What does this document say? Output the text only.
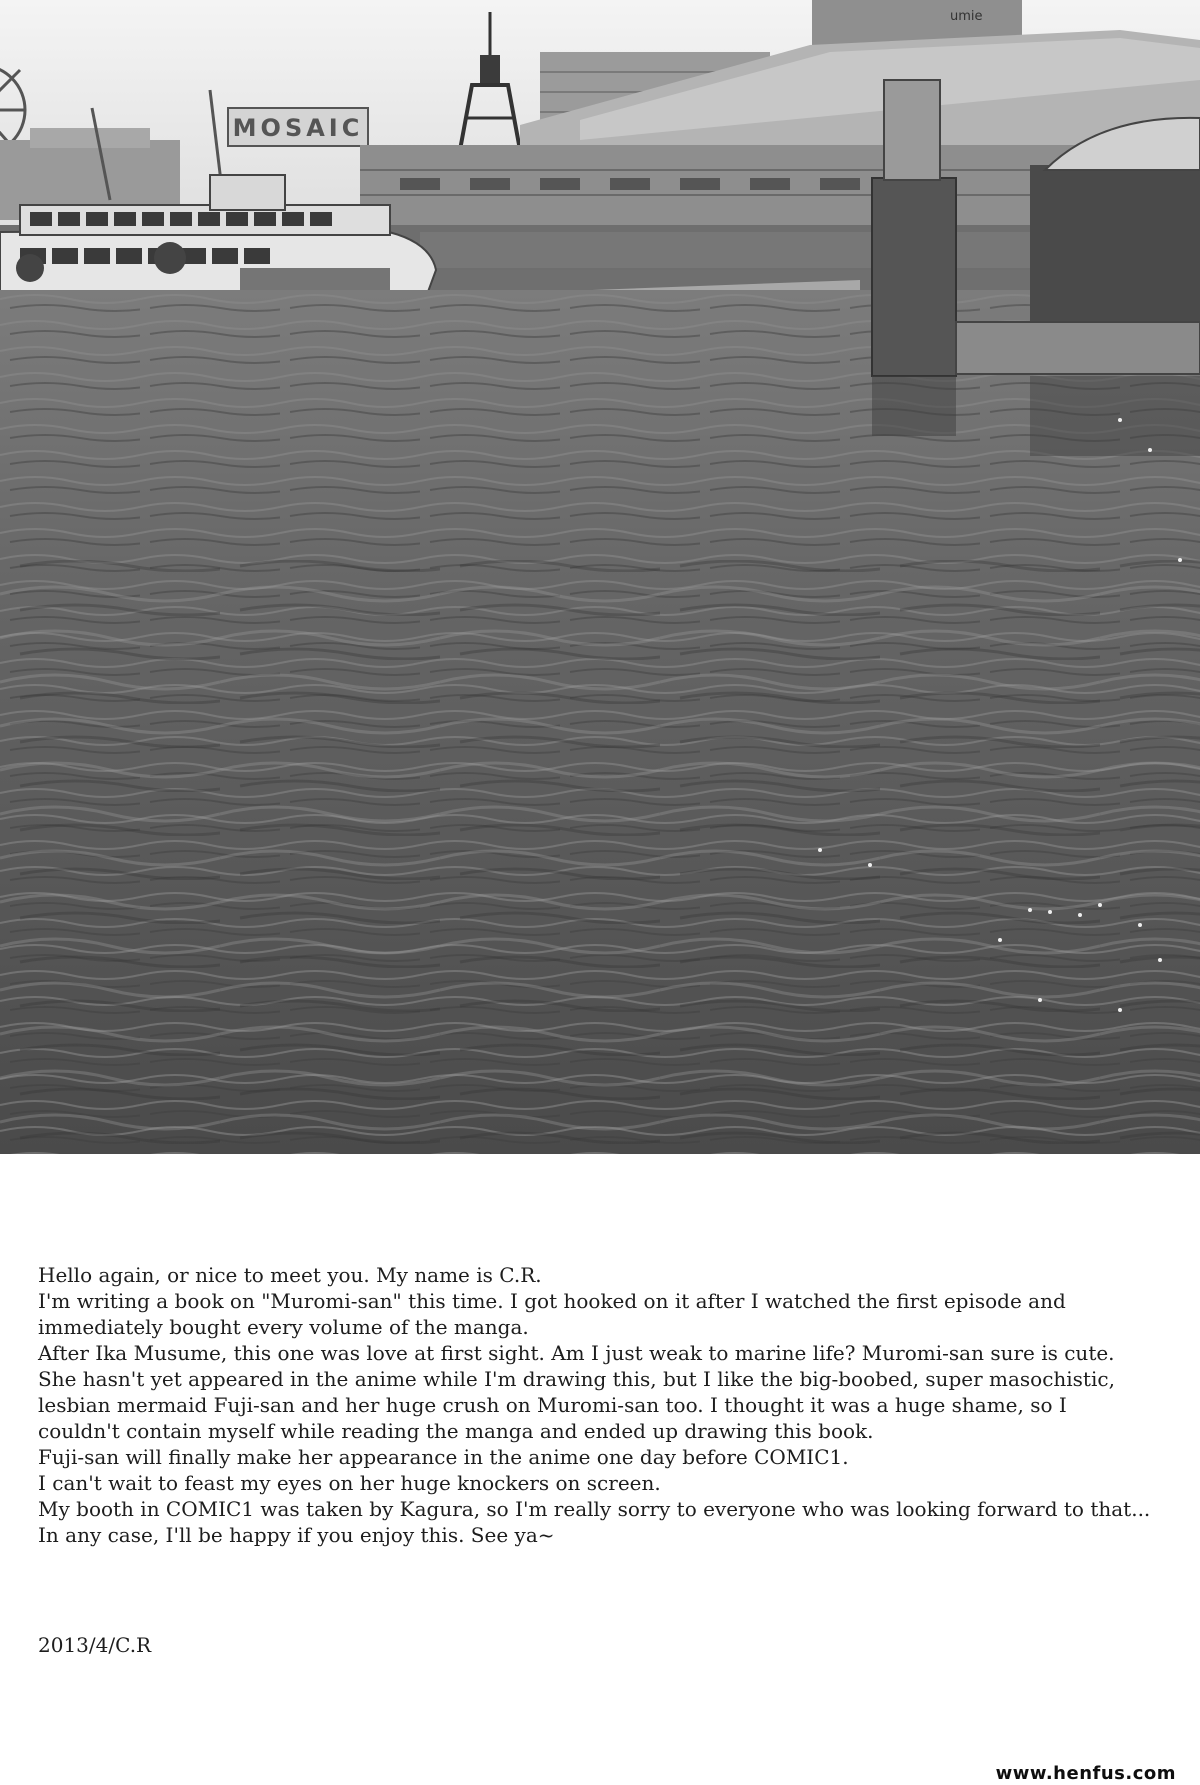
MOSAIC
umie

Hello again, or nice to meet you. My name is C.R.

I'm writing a book on "Muromi-san" this time. I got hooked on it after I watched the first episode and

immediately bought every volume of the manga.

After Ika Musume, this one was love at first sight. Am I just weak to marine life? Muromi-san sure is cute.

She hasn't yet appeared in the anime while I'm drawing this, but I like the big-boobed, super masochistic,

lesbian mermaid Fuji-san and her huge crush on Muromi-san too. I thought it was a huge shame, so I

couldn't contain myself while reading the manga and ended up drawing this book.

Fuji-san will finally make her appearance in the anime one day before COMIC1.

I can't wait to feast my eyes on her huge knockers on screen.

My booth in COMIC1 was taken by Kagura, so I'm really sorry to everyone who was looking forward to that...

In any case, I'll be happy if you enjoy this. See ya~

2013/4/C.R

www.henfus.com
